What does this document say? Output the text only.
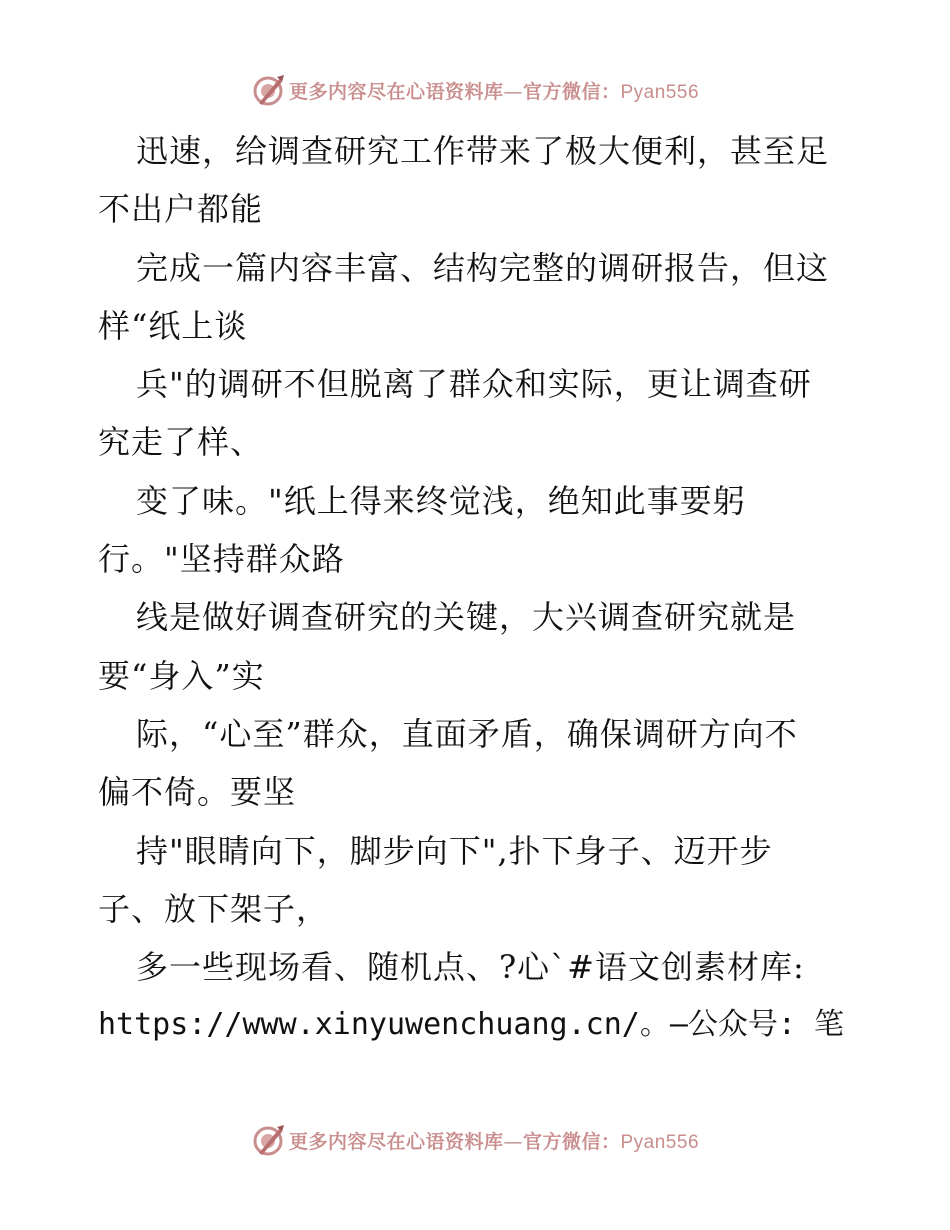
更多内容尽在心语资料库—官方微信：Pyan556
迅速，给调查研究工作带来了极大便利，甚至足
不出户都能
完成一篇内容丰富、结构完整的调研报告，但这
样“纸上谈
兵"的调研不但脱离了群众和实际，更让调查研
究走了样、
变了味。"纸上得来终觉浅，绝知此事要躬
行。"坚持群众路
线是做好调查研究的关键，大兴调查研究就是
要“身入”实
际，“心至”群众，直面矛盾，确保调研方向不
偏不倚。要坚
持"眼睛向下，脚步向下",扑下身子、迈开步
子、放下架子，
多一些现场看、随机点、?心`#语文创素材库:
https://www.xinyuwenchuang.cn/。—公众号: 笔
更多内容尽在心语资料库—官方微信：Pyan556
